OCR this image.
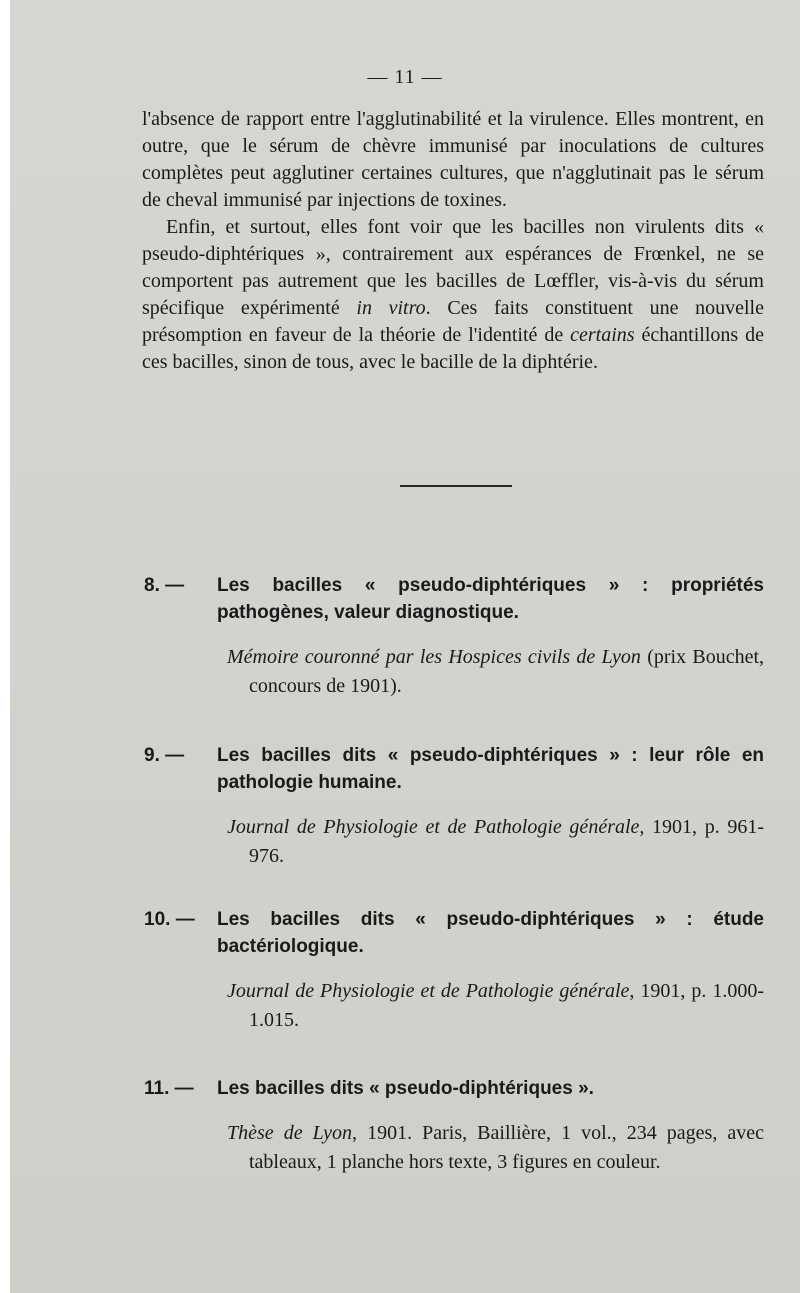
— 11 —

l'absence de rapport entre l'agglutinabilité et la virulence. Elles montrent, en outre, que le sérum de chèvre immunisé par inoculations de cultures complètes peut agglutiner certaines cultures, que n'agglutinait pas le sérum de cheval immunisé par injections de toxines.

Enfin, et surtout, elles font voir que les bacilles non virulents dits « pseudo-diphtériques », contrairement aux espérances de Frœnkel, ne se comportent pas autrement que les bacilles de Lœffler, vis-à-vis du sérum spécifique expérimenté in vitro. Ces faits constituent une nouvelle présomption en faveur de la théorie de l'identité de certains échantillons de ces bacilles, sinon de tous, avec le bacille de la diphtérie.

8. — Les bacilles « pseudo-diphtériques » : propriétés pathogènes, valeur diagnostique.

Mémoire couronné par les Hospices civils de Lyon (prix Bouchet, concours de 1901).

9. — Les bacilles dits « pseudo-diphtériques » : leur rôle en pathologie humaine.

Journal de Physiologie et de Pathologie générale, 1901, p. 961-976.

10. — Les bacilles dits « pseudo-diphtériques » : étude bactériologique.

Journal de Physiologie et de Pathologie générale, 1901, p. 1.000-1.015.

11. — Les bacilles dits « pseudo-diphtériques ».

Thèse de Lyon, 1901. Paris, Baillière, 1 vol., 234 pages, avec tableaux, 1 planche hors texte, 3 figures en couleur.
